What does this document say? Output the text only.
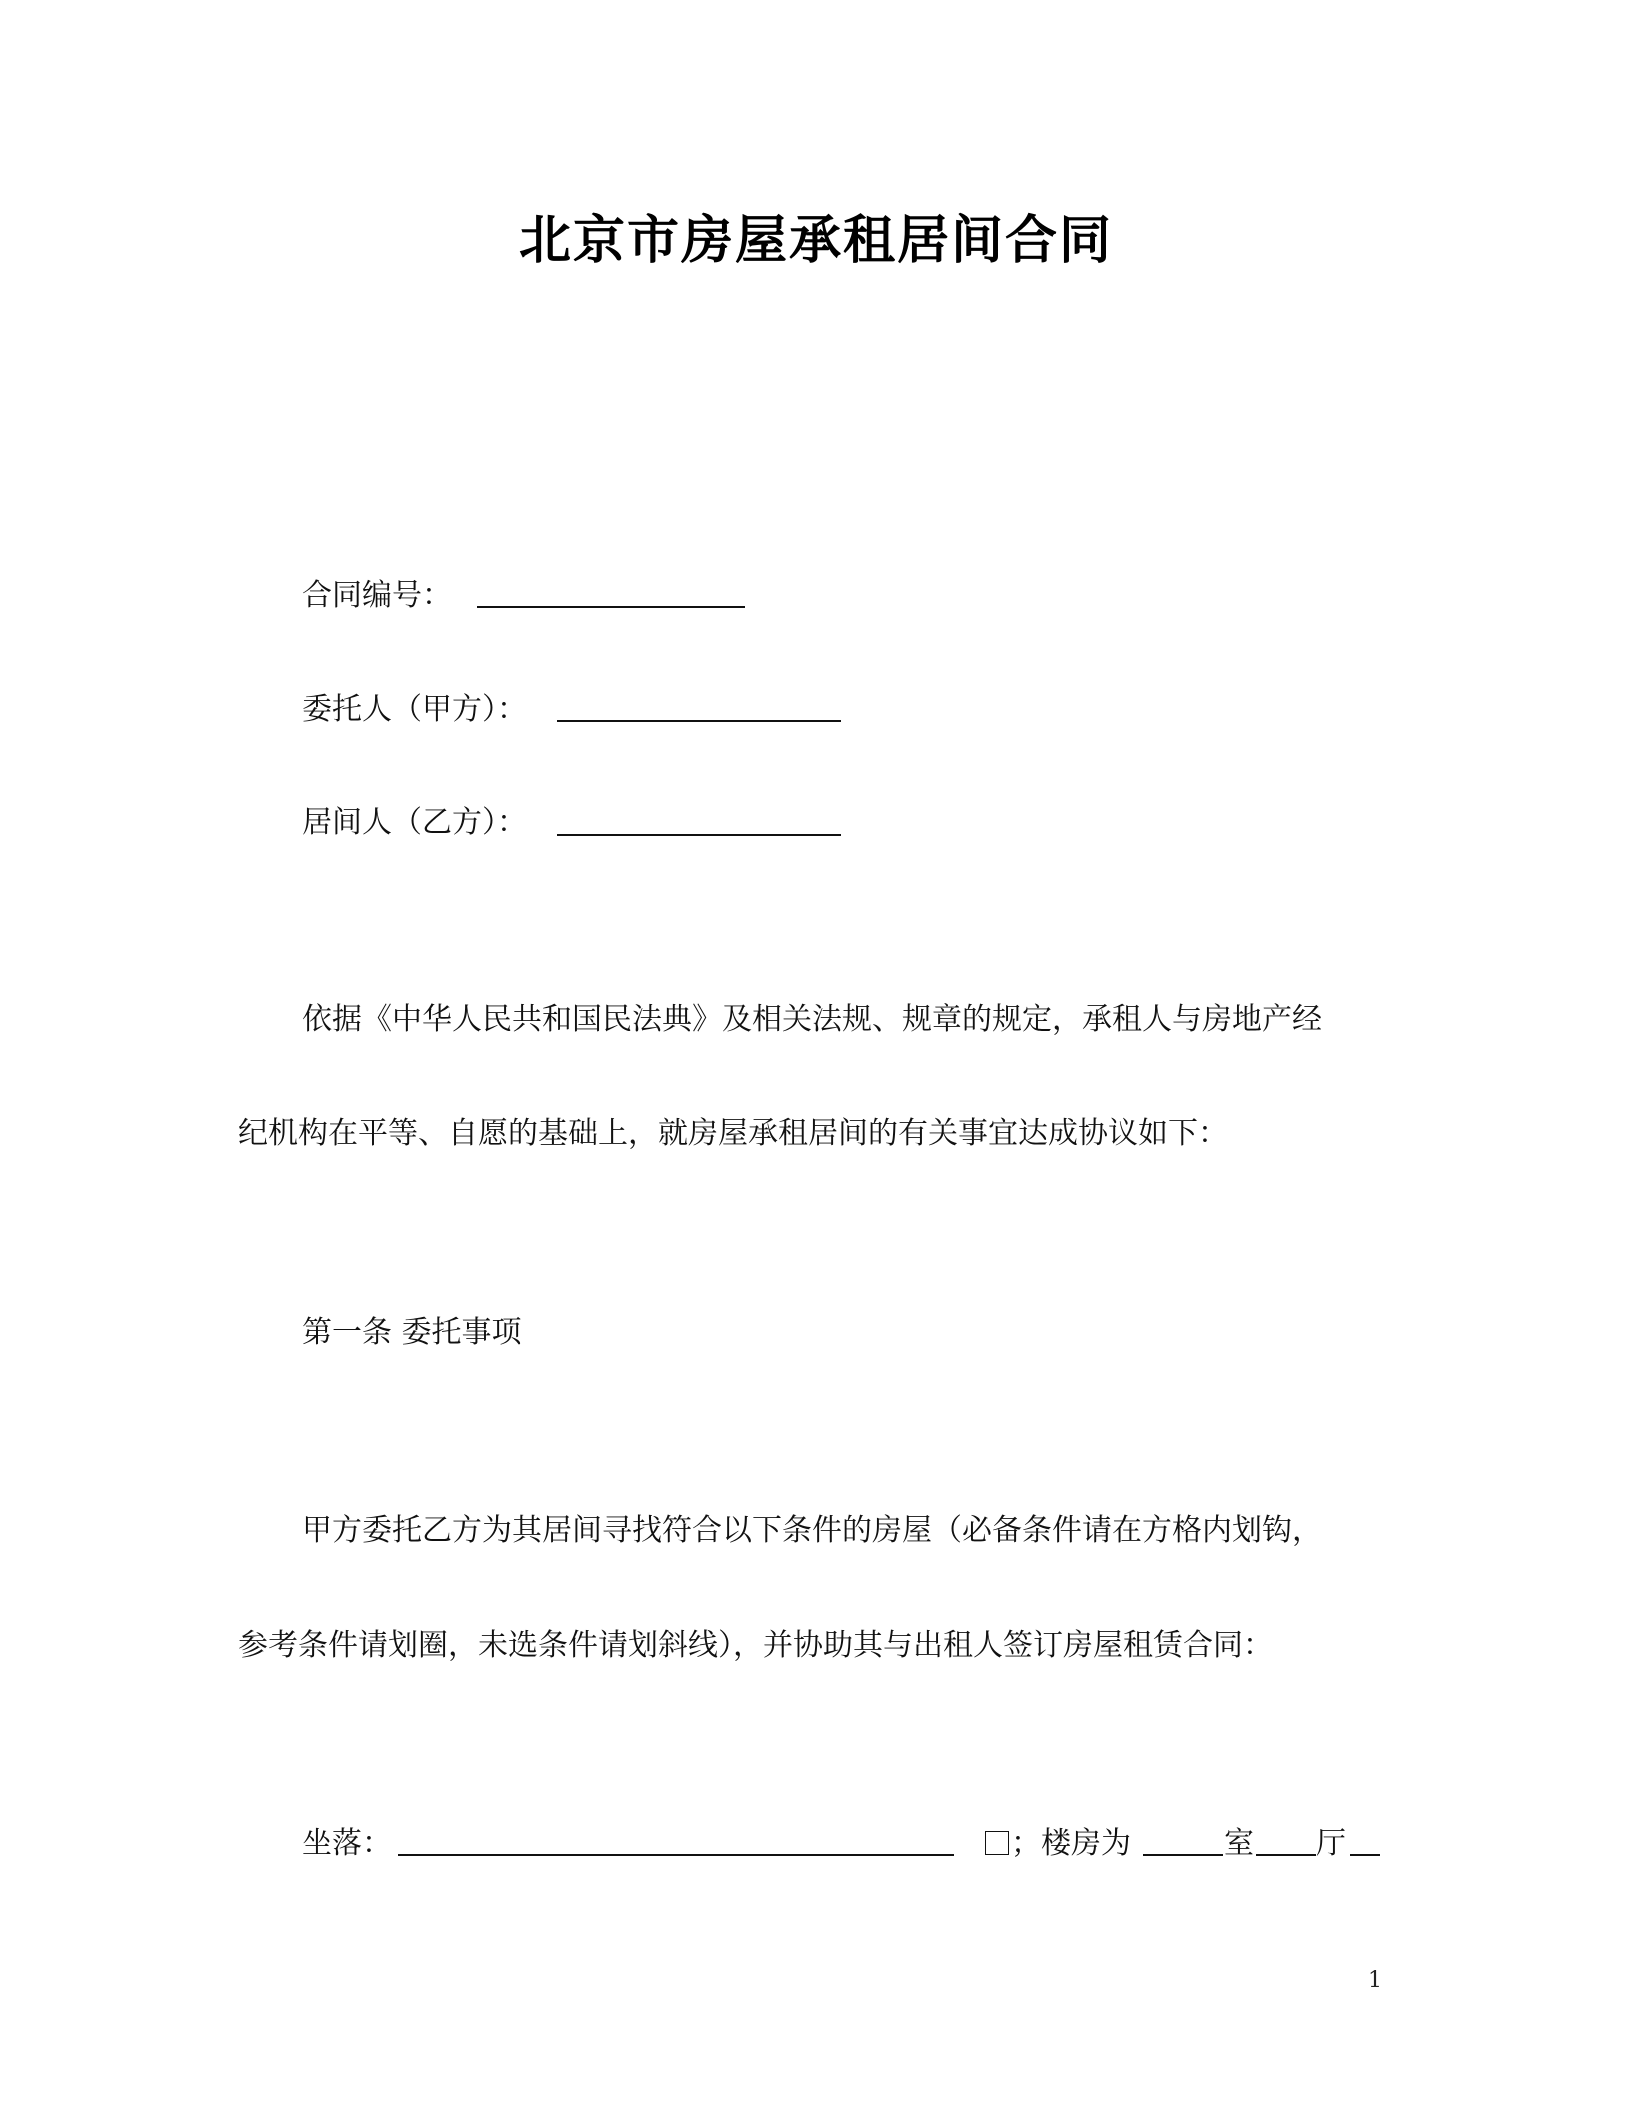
北京市房屋承租居间合同
合同编号：
委托人（甲方）：
居间人（乙方）：
依据《中华人民共和国民法典》及相关法规、规章的规定，承租人与房地产经
纪机构在平等、自愿的基础上，就房屋承租居间的有关事宜达成协议如下：
第一条 委托事项
甲方委托乙方为其居间寻找符合以下条件的房屋（必备条件请在方格内划钩，
参考条件请划圈，未选条件请划斜线），并协助其与出租人签订房屋租赁合同：
坐落：	；楼房为	室 厅
1
